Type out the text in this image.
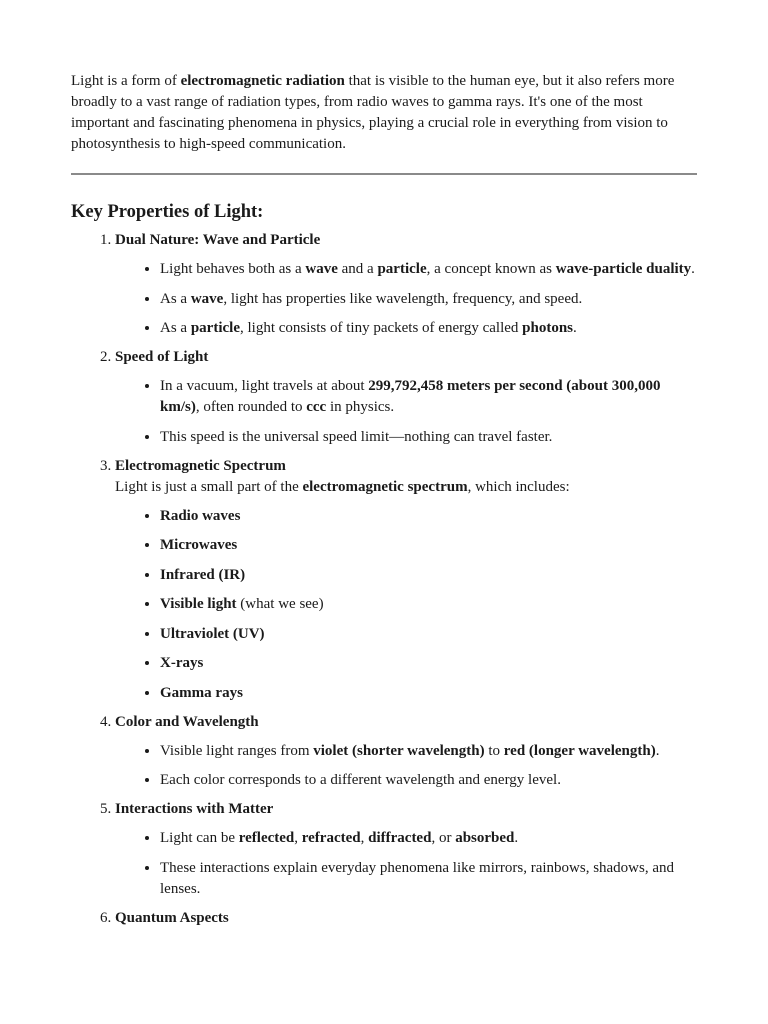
Light is a form of electromagnetic radiation that is visible to the human eye, but it also refers more broadly to a vast range of radiation types, from radio waves to gamma rays. It's one of the most important and fascinating phenomena in physics, playing a crucial role in everything from vision to photosynthesis to high-speed communication.

Key Properties of Light:
1. Dual Nature: Wave and Particle
• Light behaves both as a wave and a particle, a concept known as wave-particle duality.
• As a wave, light has properties like wavelength, frequency, and speed.
• As a particle, light consists of tiny packets of energy called photons.
2. Speed of Light
• In a vacuum, light travels at about 299,792,458 meters per second (about 300,000 km/s), often rounded to ccc in physics.
• This speed is the universal speed limit—nothing can travel faster.
3. Electromagnetic Spectrum
Light is just a small part of the electromagnetic spectrum, which includes:
• Radio waves
• Microwaves
• Infrared (IR)
• Visible light (what we see)
• Ultraviolet (UV)
• X-rays
• Gamma rays
4. Color and Wavelength
• Visible light ranges from violet (shorter wavelength) to red (longer wavelength).
• Each color corresponds to a different wavelength and energy level.
5. Interactions with Matter
• Light can be reflected, refracted, diffracted, or absorbed.
• These interactions explain everyday phenomena like mirrors, rainbows, shadows, and lenses.
6. Quantum Aspects
